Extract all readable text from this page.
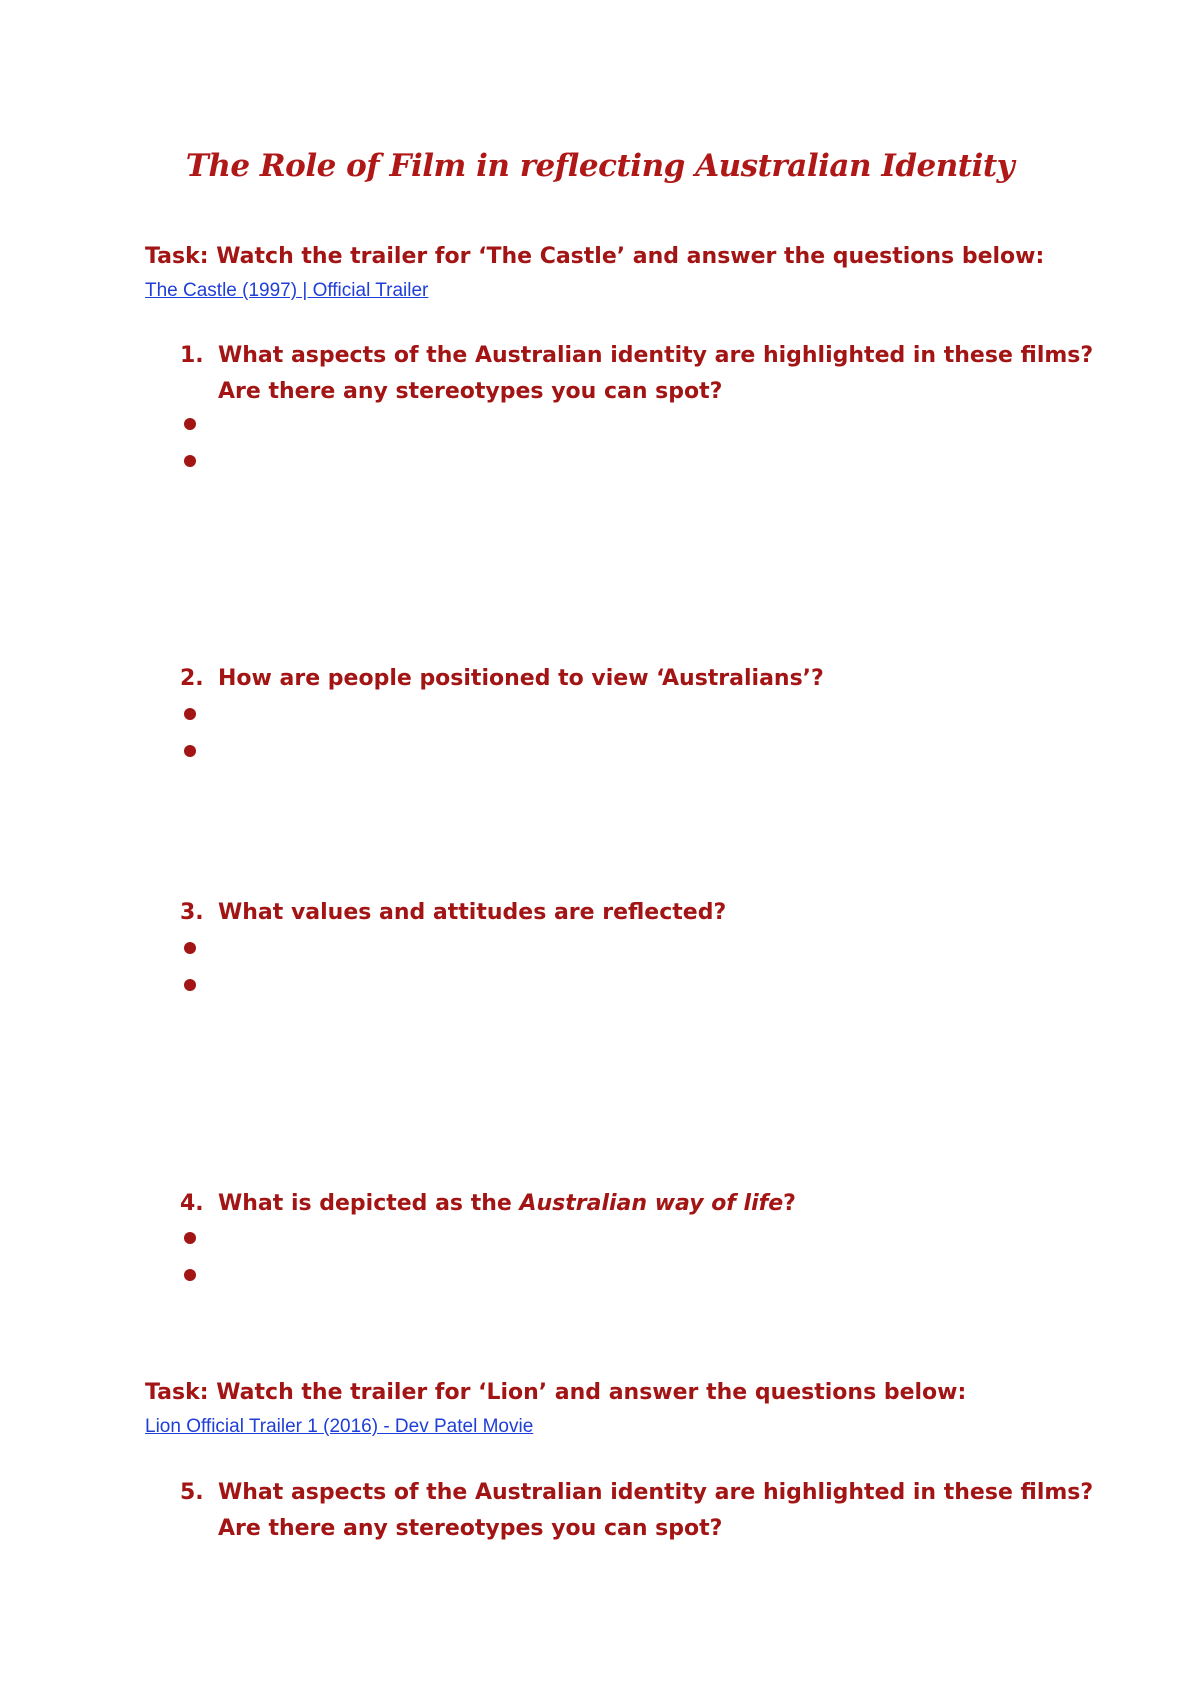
The Role of Film in reflecting Australian Identity
Task: Watch the trailer for ‘The Castle’ and answer the questions below:
The Castle (1997) | Official Trailer
1. What aspects of the Australian identity are highlighted in these films?
Are there any stereotypes you can spot?
2. How are people positioned to view ‘Australians’?
3. What values and attitudes are reflected?
4. What is depicted as the Australian way of life?
Task: Watch the trailer for ‘Lion’ and answer the questions below:
Lion Official Trailer 1 (2016) - Dev Patel Movie
5. What aspects of the Australian identity are highlighted in these films?
Are there any stereotypes you can spot?
